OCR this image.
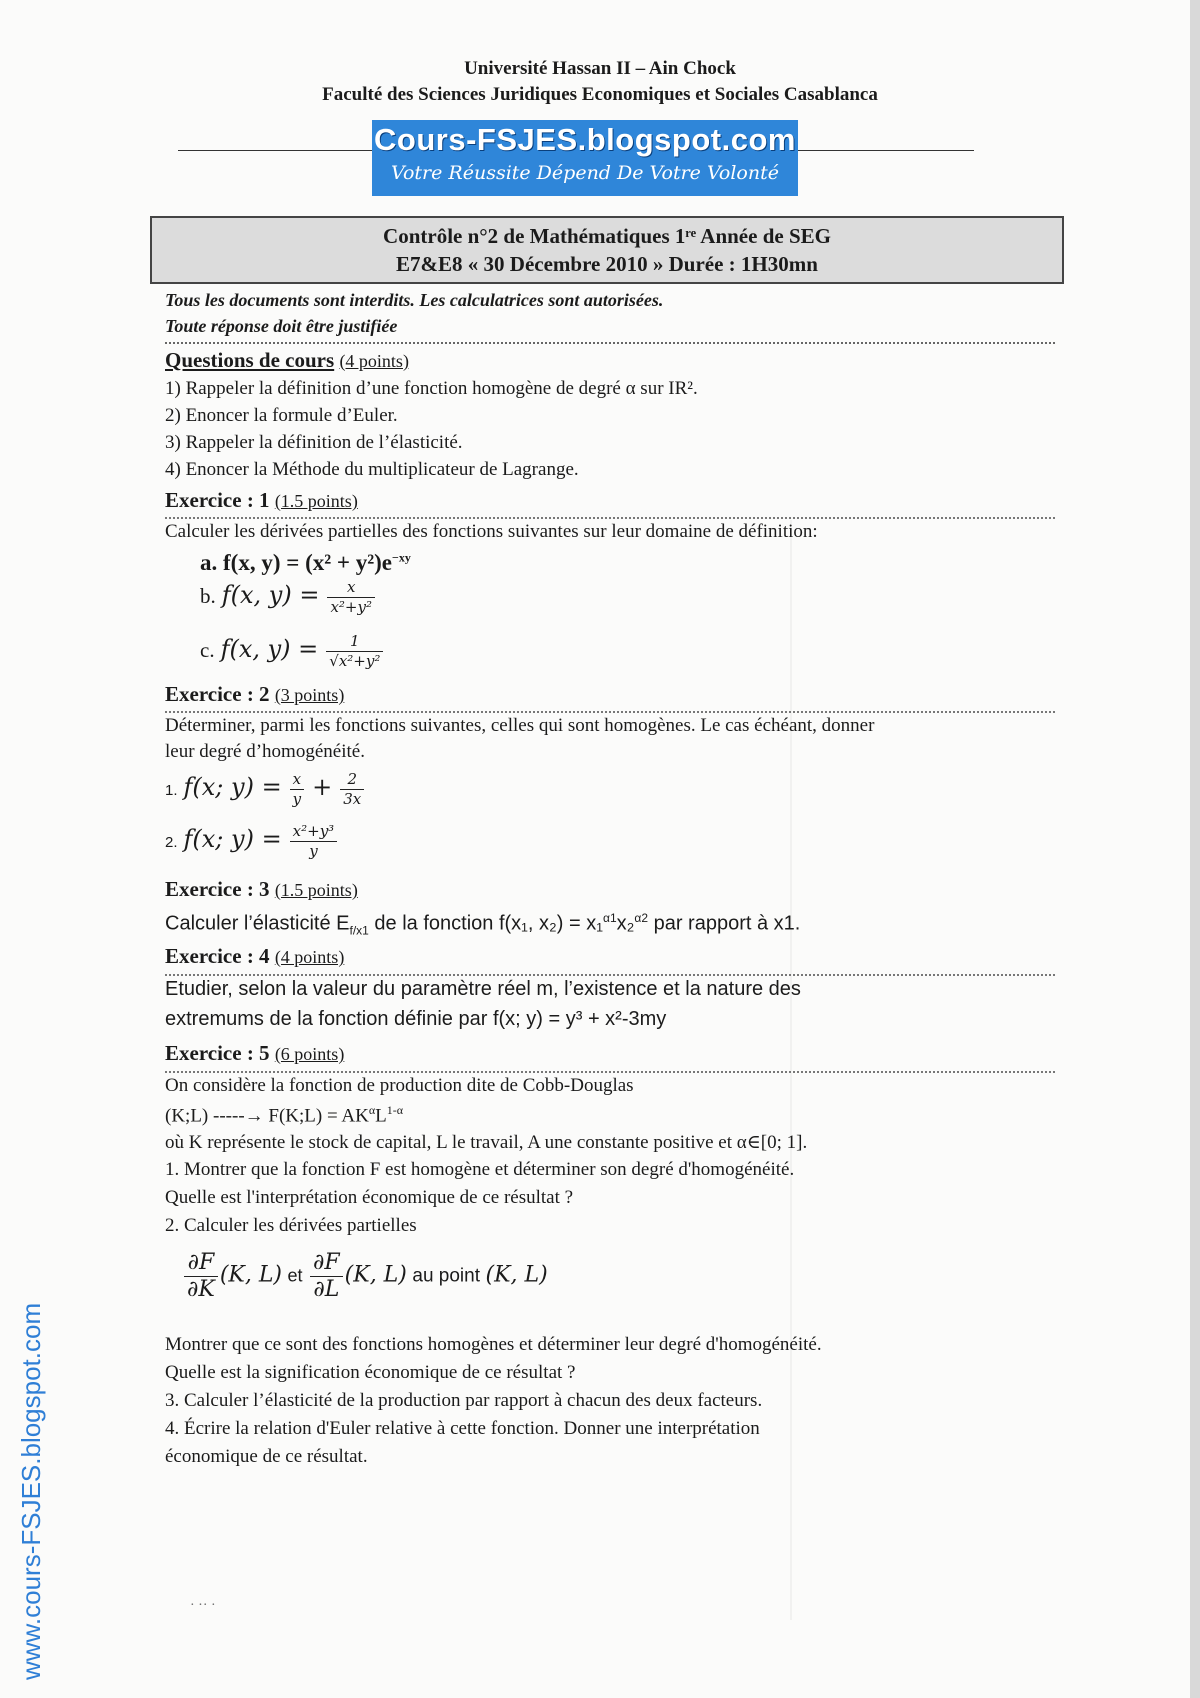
Université Hassan II – Ain Chock
Faculté des Sciences Juridiques Economiques et Sociales Casablanca
Cours-FSJES.blogspot.com
Votre Réussite Dépend De Votre Volonté
Contrôle n°2 de Mathématiques 1ʳᵉ Année de SEG
E7&E8 « 30 Décembre 2010 » Durée : 1H30mn
Tous les documents sont interdits. Les calculatrices sont autorisées.
Toute réponse doit être justifiée
Questions de cours (4 points)
1) Rappeler la définition d’une fonction homogène de degré α sur IR².
2) Enoncer la formule d’Euler.
3) Rappeler la définition de l’élasticité.
4) Enoncer la Méthode du multiplicateur de Lagrange.
Exercice : 1 (1.5 points)
Calculer les dérivées partielles des fonctions suivantes sur leur domaine de définition:
a. f(x, $y) = (x^2 + y^2)e^{-xy}$
b. f(x, $y) = \frac{x}{\text{x²+y²}}$
c. f(x, $y) = \frac{1}{\text{√x²+y²}}$
Exercice : 2 (3 points)
Déterminer, parmi les fonctions suivantes, celles qui sont homogènes. Le cas échéant, donner
leur degré d’homogénéité.
1. f(x; $y) = \frac{x}{y} + \frac{2}{3x}$
2. f(x; $y) = \frac{\text{x²+y³}}{y}$
Exercice : 3 (1.5 points)
Calculer l’élasticité $E_{f/x1}$ de la fonction f(x₁, x₂) = x₁$^{\alpha 1}$x₂$^{\alpha 2}$ par rapport à x1.
Exercice : 4 (4 points)
Etudier, selon la valeur du paramètre réel m, l’existence et la nature des
extremums de la fonction définie par f(x; y) = y³ + x²-3my
Exercice : 5 (6 points)
On considère la fonction de production dite de Cobb-Douglas
(K;L) -----→ F(K;L) = $AK^\alpha L^{1-\alpha}$
où K représente le stock de capital, L le travail, A une constante positive et α∈[0; 1].
1. Montrer que la fonction F est homogène et déterminer son degré d'homogénéité.
Quelle est l'interprétation économique de ce résultat ?
2. Calculer les dérivées partielles
$\frac{\partial F}{\partial K} (K$, L) et $\frac{\partial F}{\partial L} (K$, L) au point (K, L)
Montrer que ce sont des fonctions homogènes et déterminer leur degré d'homogénéité.
Quelle est la signification économique de ce résultat ?
3. Calculer l’élasticité de la production par rapport à chacun des deux facteurs.
4. Écrire la relation d'Euler relative à cette fonction. Donner une interprétation
économique de ce résultat.
· ·· ·
www.cours-FSJES.blogspot.com
